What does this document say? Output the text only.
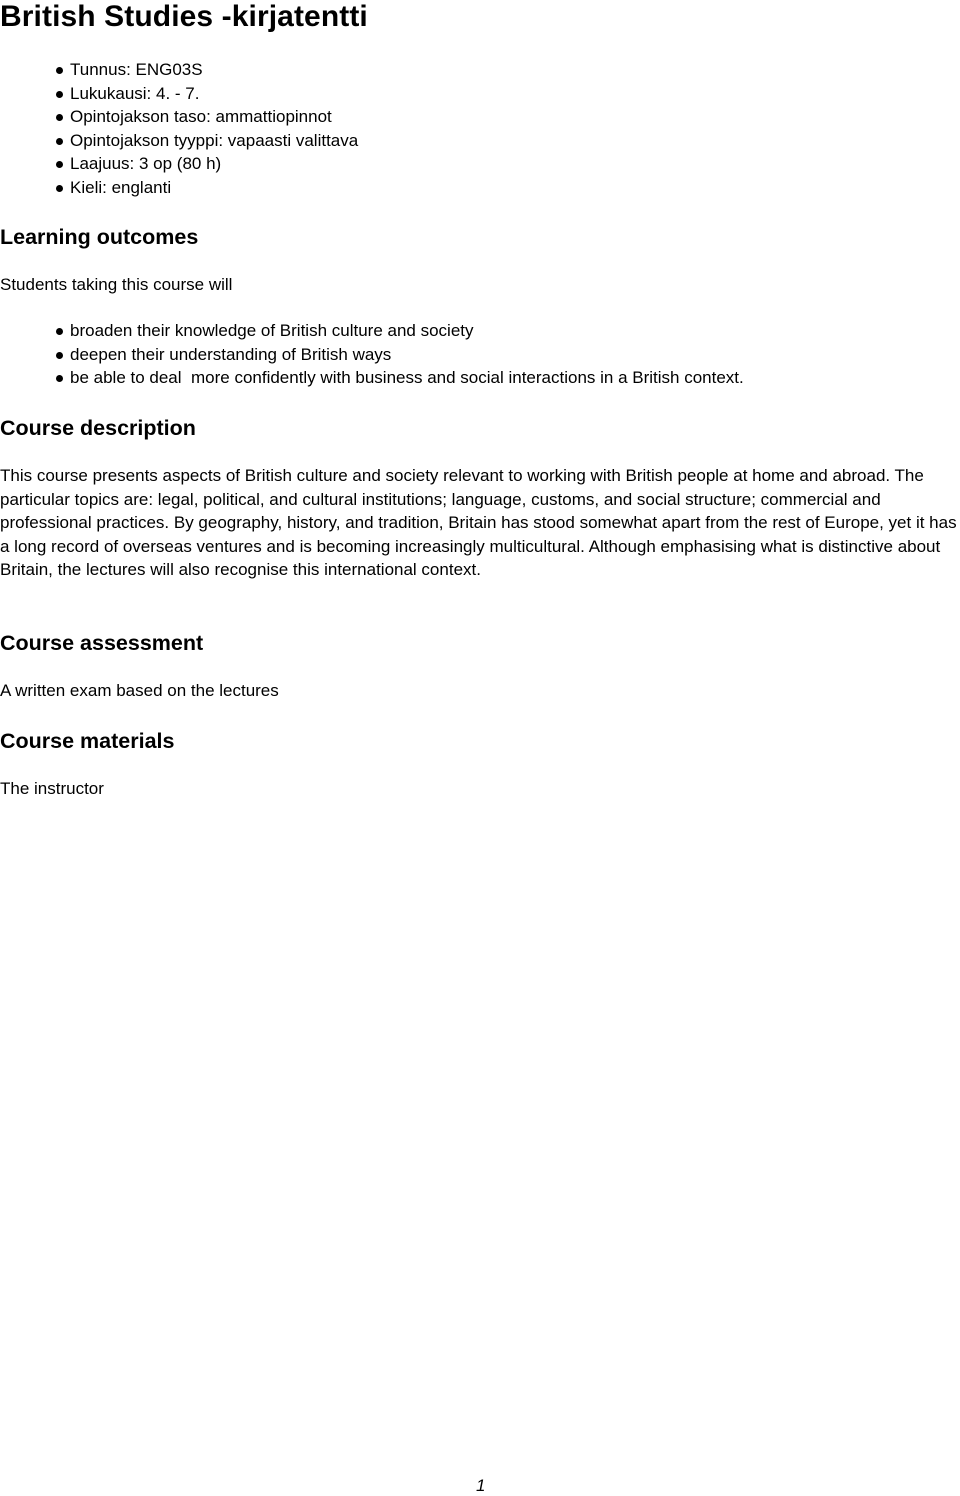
British Studies -kirjatentti
Tunnus: ENG03S
Lukukausi: 4. - 7.
Opintojakson taso: ammattiopinnot
Opintojakson tyyppi: vapaasti valittava
Laajuus: 3 op (80 h)
Kieli: englanti
Learning outcomes

Students taking this course will

broaden their knowledge of British culture and society
deepen their understanding of British ways
be able to deal  more confidently with business and social interactions in a British context.
Course description

This course presents aspects of British culture and society relevant to working with British people at home and abroad. The particular topics are: legal, political, and cultural institutions; language, customs, and social structure; commercial and professional practices. By geography, history, and tradition, Britain has stood somewhat apart from the rest of Europe, yet it has a long record of overseas ventures and is becoming increasingly multicultural. Although emphasising what is distinctive about Britain, the lectures will also recognise this international context.

Course assessment

A written exam based on the lectures

Course materials

The instructor

1
